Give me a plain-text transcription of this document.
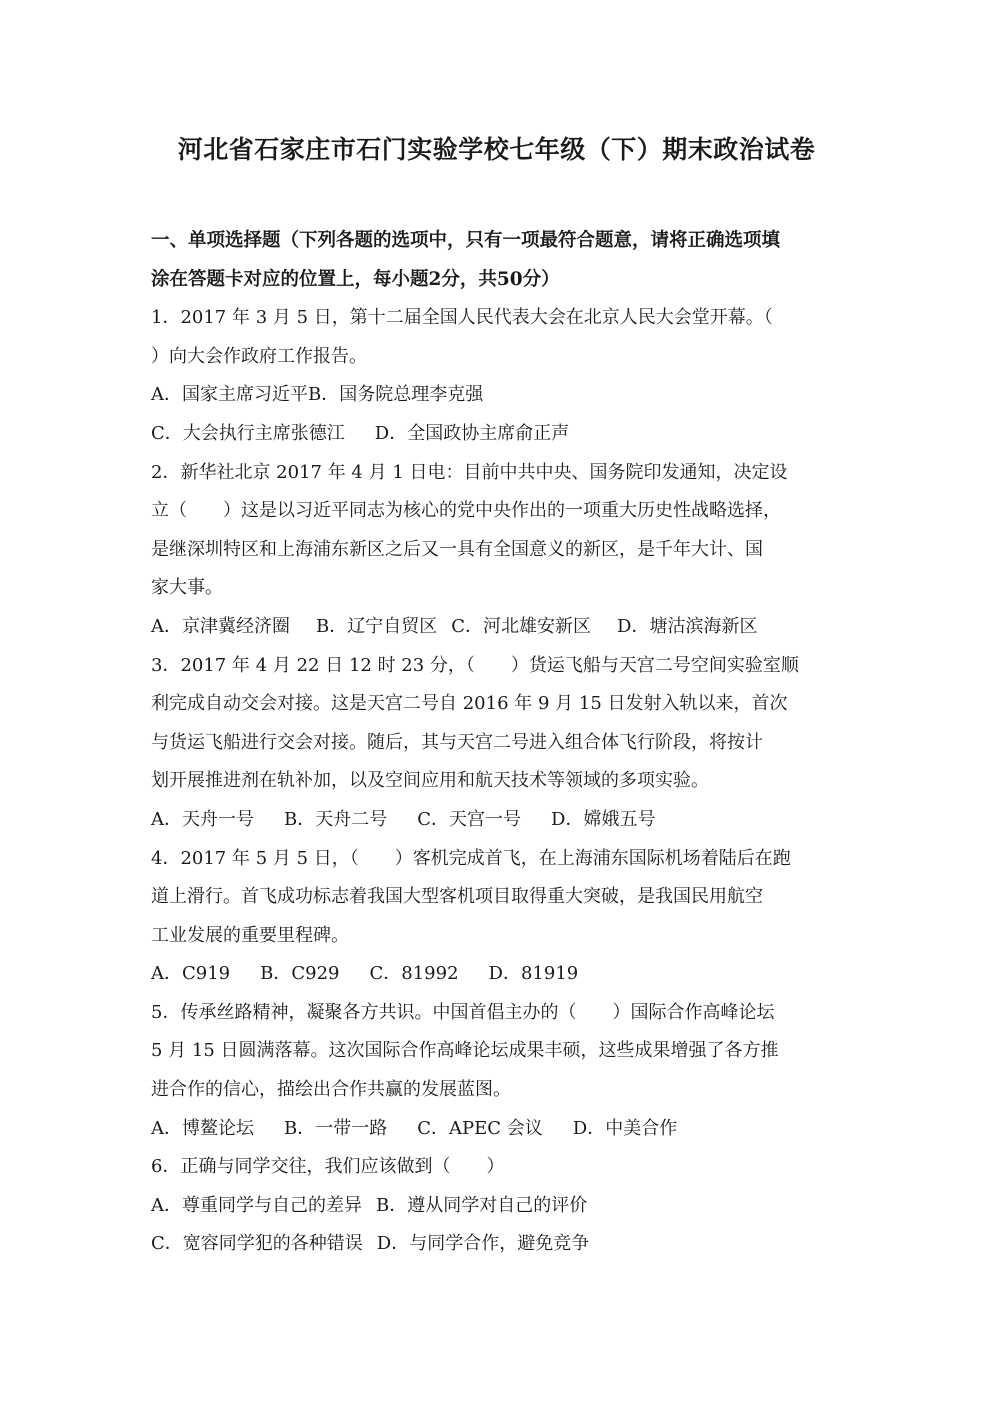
河北省石家庄市石门实验学校七年级（下）期末政治试卷
一、单项选择题（下列各题的选项中，只有一项最符合题意，请将正确选项填
涂在答题卡对应的位置上，每小题2分，共50分）
1．2017 年 3 月 5 日，第十二届全国人民代表大会在北京人民大会堂开幕。（
）向大会作政府工作报告。
A．国家主席习近平 B．国务院总理李克强
C．大会执行主席张德江 D．全国政协主席俞正声
2．新华社北京 2017 年 4 月 1 日电：目前中共中央、国务院印发通知，决定设
立（　　）这是以习近平同志为核心的党中央作出的一项重大历史性战略选择，
是继深圳特区和上海浦东新区之后又一具有全国意义的新区，是千年大计、国
家大事。
A．京津冀经济圈 B．辽宁自贸区 C．河北雄安新区 D．塘沽滨海新区
3．2017 年 4 月 22 日 12 时 23 分，（　　）货运飞船与天宫二号空间实验室顺
利完成自动交会对接。这是天宫二号自 2016 年 9 月 15 日发射入轨以来，首次
与货运飞船进行交会对接。随后，其与天宫二号进入组合体飞行阶段，将按计
划开展推进剂在轨补加，以及空间应用和航天技术等领域的多项实验。
A．天舟一号 B．天舟二号 C．天宫一号 D．嫦娥五号
4．2017 年 5 月 5 日，（　　）客机完成首飞，在上海浦东国际机场着陆后在跑
道上滑行。首飞成功标志着我国大型客机项目取得重大突破，是我国民用航空
工业发展的重要里程碑。
A．C919 B．C929 C．81992 D．81919
5．传承丝路精神，凝聚各方共识。中国首倡主办的（　　）国际合作高峰论坛
5 月 15 日圆满落幕。这次国际合作高峰论坛成果丰硕，这些成果增强了各方推
进合作的信心，描绘出合作共赢的发展蓝图。
A．博鳌论坛 B．一带一路 C．APEC 会议 D．中美合作
6．正确与同学交往，我们应该做到（　　）
A．尊重同学与自己的差异 B．遵从同学对自己的评价
C．宽容同学犯的各种错误 D．与同学合作，避免竞争
